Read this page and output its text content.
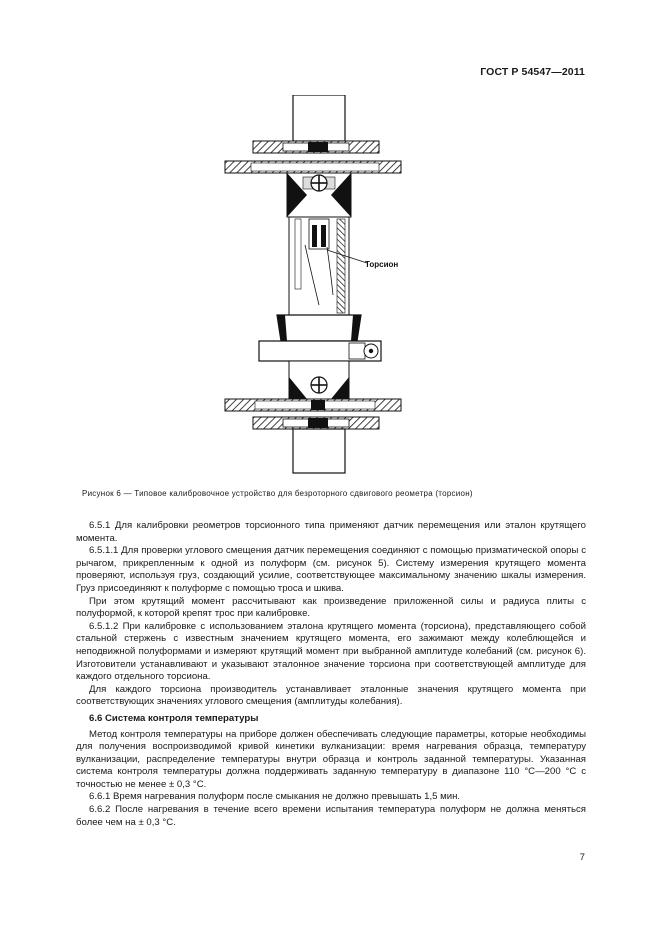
ГОСТ Р 54547—2011
Торсион
Рисунок 6 — Типовое калибровочное устройство для безроторного сдвигового реометра (торсион)

6.5.1 Для калибровки реометров торсионного типа применяют датчик перемещения или эталон крутящего момента.

6.5.1.1 Для проверки углового смещения датчик перемещения соединяют с помощью призматической опоры с рычагом, прикрепленным к одной из полуформ (см. рисунок 5). Систему измерения крутящего момента проверяют, используя груз, создающий усилие, соответствующее максимальному значению шкалы измерения. Груз присоединяют к полуформе с помощью троса и шкива.

При этом крутящий момент рассчитывают как произведение приложенной силы и радиуса плиты с полуформой, к которой крепят трос при калибровке.

6.5.1.2 При калибровке с использованием эталона крутящего момента (торсиона), представляющего собой стальной стержень с известным значением крутящего момента, его зажимают между колеблющейся и неподвижной полуформами и измеряют крутящий момент при выбранной амплитуде колебаний (см. рисунок 6). Изготовители устанавливают и указывают эталонное значение торсиона при соответствующей амплитуде для каждого отдельного торсиона.

Для каждого торсиона производитель устанавливает эталонные значения крутящего момента при соответствующих значениях углового смещения (амплитуды колебания).

6.6 Система контроля температуры

Метод контроля температуры на приборе должен обеспечивать следующие параметры, которые необходимы для получения воспроизводимой кривой кинетики вулканизации: время нагревания образца, температуру вулканизации, распределение температуры внутри образца и контроль заданной температуры. Указанная система контроля температуры должна поддерживать заданную температуру в диапазоне 110 °С—200 °С с точностью не менее ± 0,3 °С.

6.6.1 Время нагревания полуформ после смыкания не должно превышать 1,5 мин.

6.6.2 После нагревания в течение всего времени испытания температура полуформ не должна меняться более чем на ± 0,3 °С.

7
